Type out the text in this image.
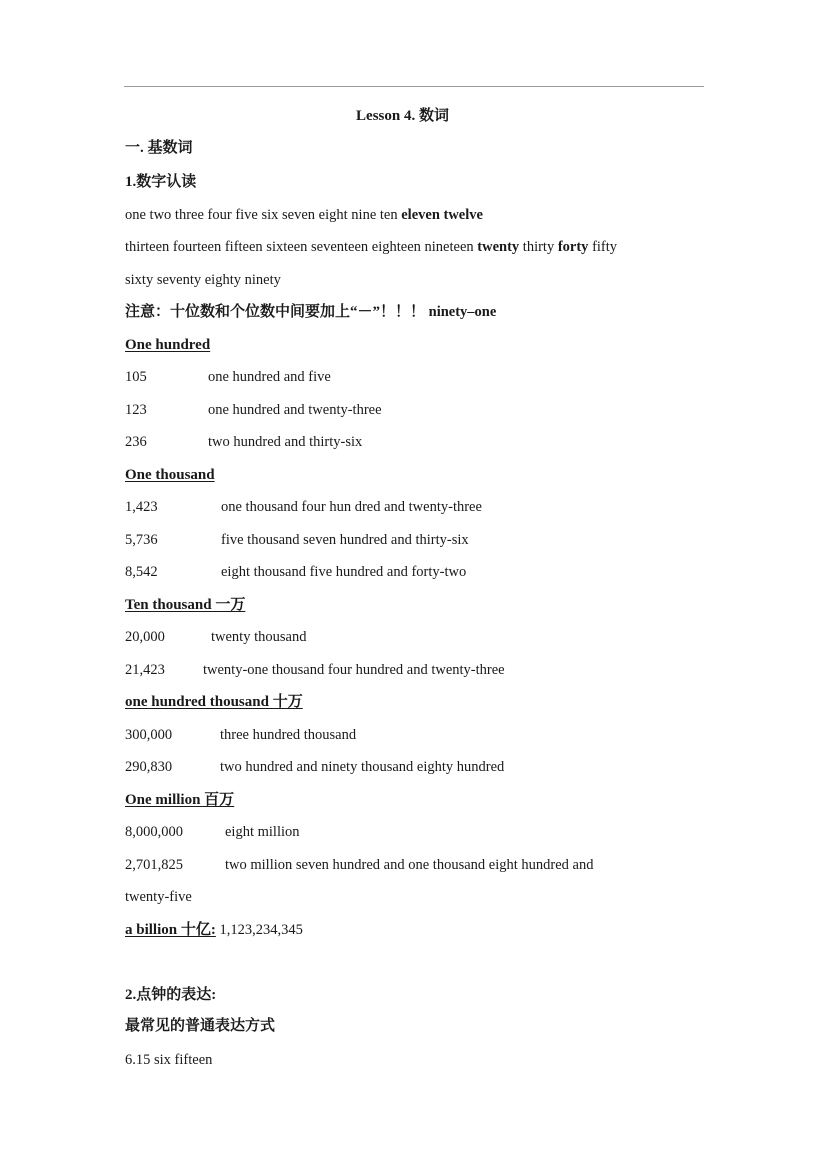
Lesson 4. 数词
一. 基数词
1.数字认读
one two three four five six seven eight nine ten eleven twelve
thirteen fourteen fifteen sixteen seventeen eighteen nineteen twenty thirty forty fifty
sixty seventy eighty ninety
注意：十位数和个位数中间要加上“－”！！！ ninety–one
One hundred
105	one hundred and five
123	one hundred and twenty-three
236	two hundred and thirty-six
One thousand
1,423	one thousand four hun dred and twenty-three
5,736	five thousand seven hundred and thirty-six
8,542	eight thousand five hundred and forty-two
Ten thousand 一万
20,000	twenty thousand
21,423	twenty-one thousand four hundred and twenty-three
one hundred thousand 十万
300,000	three hundred thousand
290,830	two hundred and ninety thousand eighty hundred
One million 百万
8,000,000	eight million
2,701,825	two million seven hundred and one thousand eight hundred and
twenty-five
a billion 十亿: 1,123,234,345
2.点钟的表达:
最常见的普通表达方式
6.15 six fifteen
